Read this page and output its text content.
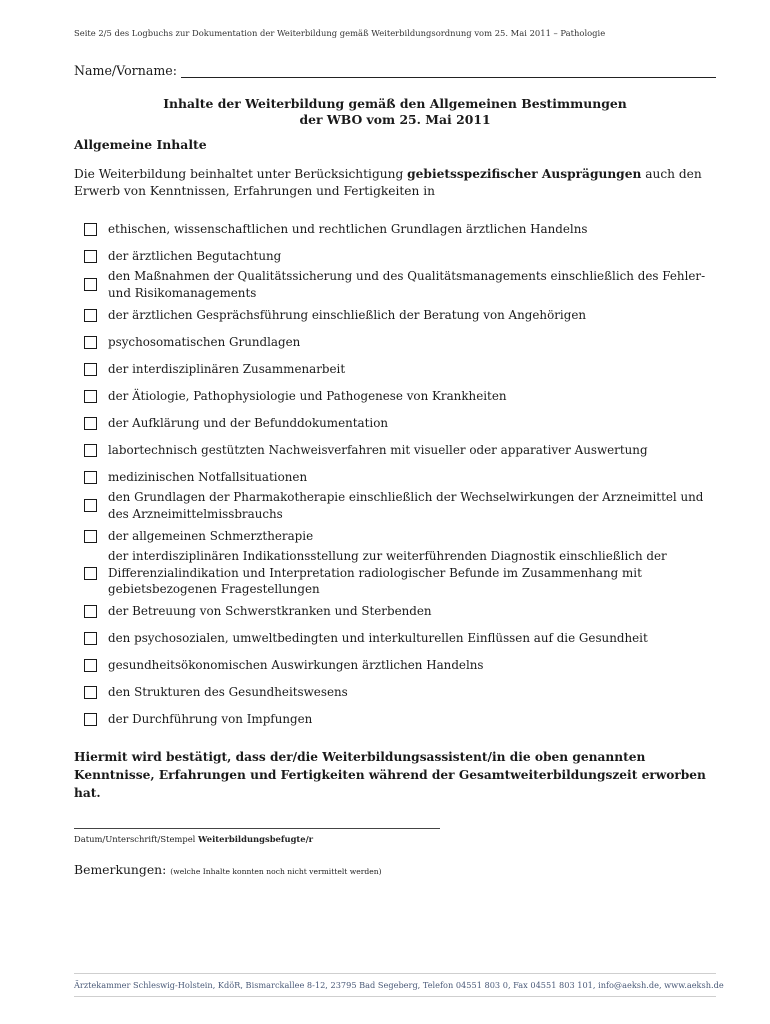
Seite 2/5 des Logbuchs zur Dokumentation der Weiterbildung gemäß Weiterbildungsordnung vom 25. Mai 2011 – Pathologie
Name/Vorname:
Inhalte der Weiterbildung gemäß den Allgemeinen Bestimmungen
der WBO vom 25. Mai 2011
Allgemeine Inhalte
Die Weiterbildung beinhaltet unter Berücksichtigung gebietsspezifischer Ausprägungen auch den Erwerb von Kenntnissen, Erfahrungen und Fertigkeiten in
ethischen, wissenschaftlichen und rechtlichen Grundlagen ärztlichen Handelns
der ärztlichen Begutachtung
den Maßnahmen der Qualitätssicherung und des Qualitätsmanagements einschließlich des Fehler- und Risikomanagements
der ärztlichen Gesprächsführung einschließlich der Beratung von Angehörigen
psychosomatischen Grundlagen
der interdisziplinären Zusammenarbeit
der Ätiologie, Pathophysiologie und Pathogenese von Krankheiten
der Aufklärung und der Befunddokumentation
labortechnisch gestützten Nachweisverfahren mit visueller oder apparativer Auswertung
medizinischen Notfallsituationen
den Grundlagen der Pharmakotherapie einschließlich der Wechselwirkungen der Arzneimittel und des Arzneimittelmissbrauchs
der allgemeinen Schmerztherapie
der interdisziplinären Indikationsstellung zur weiterführenden Diagnostik einschließlich der Differenzialindikation und Interpretation radiologischer Befunde im Zusammenhang mit gebietsbezogenen Fragestellungen
der Betreuung von Schwerstkranken und Sterbenden
den psychosozialen, umweltbedingten und interkulturellen Einflüssen auf die Gesundheit
gesundheitsökonomischen Auswirkungen ärztlichen Handelns
den Strukturen des Gesundheitswesens
der Durchführung von Impfungen
Hiermit wird bestätigt, dass der/die Weiterbildungsassistent/in die oben genannten Kenntnisse, Erfahrungen und Fertigkeiten während der Gesamtweiterbildungszeit erworben hat.
Datum/Unterschrift/Stempel Weiterbildungsbefugte/r
Bemerkungen: (welche Inhalte konnten noch nicht vermittelt werden)
Ärztekammer Schleswig-Holstein, KdöR, Bismarckallee 8-12, 23795 Bad Segeberg, Telefon 04551 803 0, Fax 04551 803 101, info@aeksh.de, www.aeksh.de
